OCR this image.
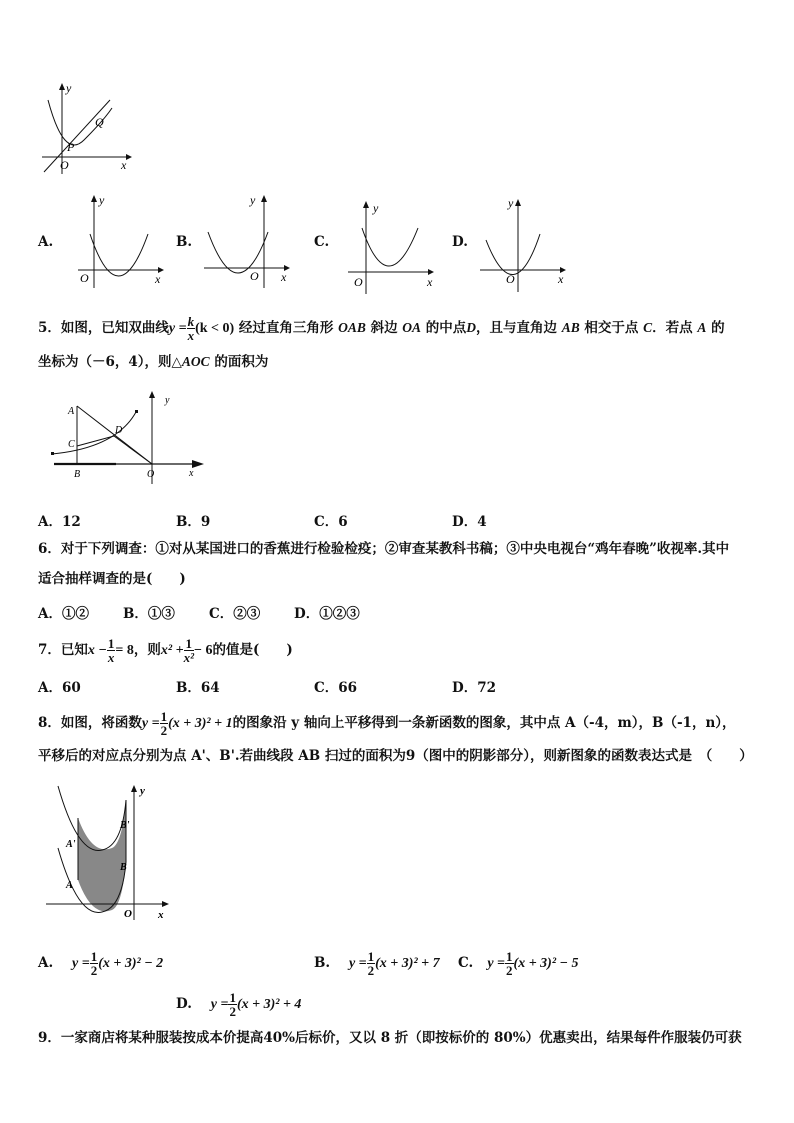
y
x
O
P
Q
A.
y
O	x
B.
y
O x
C.
y
O	x
D.
y
O	x
5．如图，已知双曲线$y = \frac{k}{x} (k < 0)$ 经过直角三角形 OAB 斜边 OA 的中点D，且与直角边 AB 相交于点 C．若点 A 的
坐标为（－6，4），则△AOC 的面积为
A
C
D
B	O	x
y
A．12	B．9	C．6	D．4
6．对于下列调查：①对从某国进口的香蕉进行检验检疫；②审查某教科书稿；③中央电视台“鸡年春晚”收视率.其中
适合抽样调查的是(　　)
A．①②	B．①③	C．②③	D．①②③
7．已知$x - \frac{1}{x} = 8$，则$x^2 + \frac{1}{\text{x²}} - 6$的值是(　　)
A．60	B．64	C．66	D．72
8．如图，将函数$y = \frac{1}{2} (x + 3)^2 + 1$的图象沿 y 轴向上平移得到一条新函数的图象，其中点 A（-4，m），B（-1，n），
平移后的对应点分别为点 A'、B'.若曲线段 AB 扫过的面积为9（图中的阴影部分），则新图象的函数表达式是　（　　）
y
x
O
A
A'
B
B'
A. $y = \frac{1}{2} (x + 3)^2 - 2$	B. $y = \frac{1}{2} (x + 3)^2 + 7$ C. $y = \frac{1}{2} (x + 3)^2 - 5$
D. $y = \frac{1}{2} (x + 3)^2 + 4$
9．一家商店将某种服装按成本价提高40%后标价，又以 8 折（即按标价的 80%）优惠卖出，结果每件作服装仍可获
